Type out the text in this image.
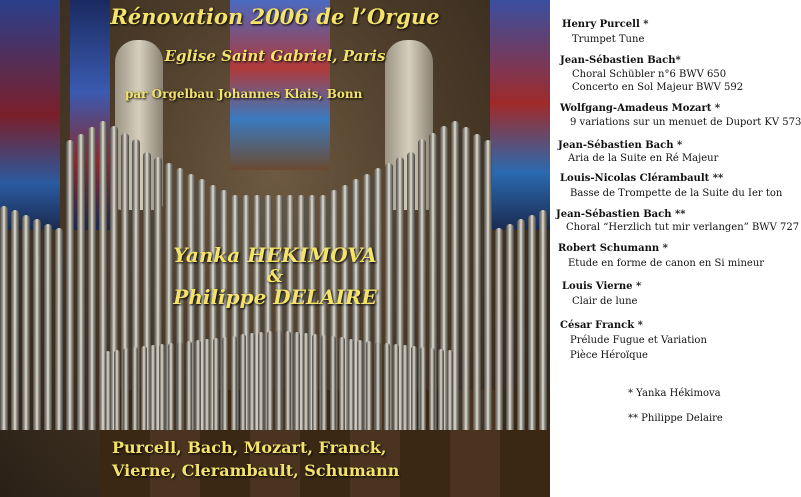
Rénovation 2006 de l’Orgue
Eglise Saint Gabriel, Paris
par Orgelbau Johannes Klais, Bonn
Yanka HEKIMOVA
&
Philippe DELAIRE
Purcell, Bach, Mozart, Franck,
Vierne, Clerambault, Schumann
Henry Purcell *
Trumpet Tune
Jean-Sébastien Bach*
Choral Schübler n°6 BWV 650
Concerto en Sol Majeur BWV 592
Wolfgang-Amadeus Mozart *
9 variations sur un menuet de Duport KV 573
Jean-Sébastien Bach *
Aria de la Suite en Ré Majeur
Louis-Nicolas Clérambault **
Basse de Trompette de la Suite du Ier ton
Jean-Sébastien Bach **
Choral “Herzlich tut mir verlangen” BWV 727
Robert Schumann *
Etude en forme de canon en Si mineur
Louis Vierne *
Clair de lune
César Franck *
Prélude Fugue et Variation
Pièce Héroïque
* Yanka Hékimova
** Philippe Delaire
